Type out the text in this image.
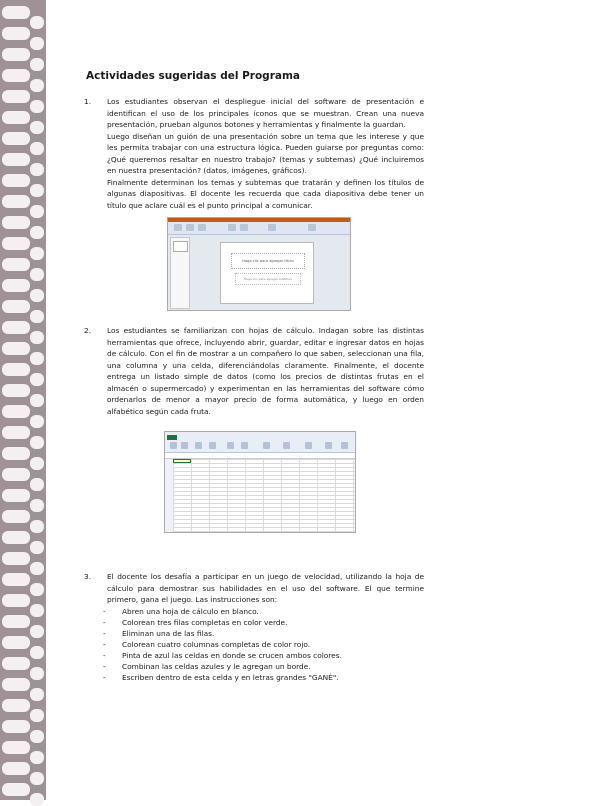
Actividades sugeridas del Programa
1. Los estudiantes observan el despliegue inicial del software de presentación e identifican el uso de los principales íconos que se muestran. Crean una nueva presentación, prueban algunos botones y herramientas y finalmente la guardan.

Luego diseñan un guión de una presentación sobre un tema que les interese y que les permita trabajar con una estructura lógica. Pueden guiarse por preguntas como: ¿Qué queremos resaltar en nuestro trabajo? (temas y subtemas) ¿Qué incluiremos en nuestra presentación? (datos, imágenes, gráficos).

Finalmente determinan los temas y subtemas que tratarán y definen los títulos de algunas diapositivas. El docente les recuerda que cada diapositiva debe tener un título que aclare cuál es el punto principal a comunicar.

Haga clic para agregar título
Haga clic para agregar subtítulo
2. Los estudiantes se familiarizan con hojas de cálculo. Indagan sobre las distintas herramientas que ofrece, incluyendo abrir, guardar, editar e ingresar datos en hojas de cálculo. Con el fin de mostrar a un compañero lo que saben, seleccionan una fila, una columna y una celda, diferenciándolas claramente. Finalmente, el docente entrega un listado simple de datos (como los precios de distintas frutas en el almacén o supermercado) y experimentan en las herramientas del software cómo ordenarlos de menor a mayor precio de forma automática, y luego en orden alfabético según cada fruta.

3. El docente los desafía a participar en un juego de velocidad, utilizando la hoja de cálculo para demostrar sus habilidades en el uso del software. El que termine primero, gana el juego. Las instrucciones son:

- Abren una hoja de cálculo en blanco.
- Colorean tres filas completas en color verde.
- Eliminan una de las filas.
- Colorean cuatro columnas completas de color rojo.
- Pinta de azul las celdas en donde se crucen ambos colores.
- Combinan las celdas azules y le agregan un borde.
- Escriben dentro de esta celda y en letras grandes "GANÉ".
